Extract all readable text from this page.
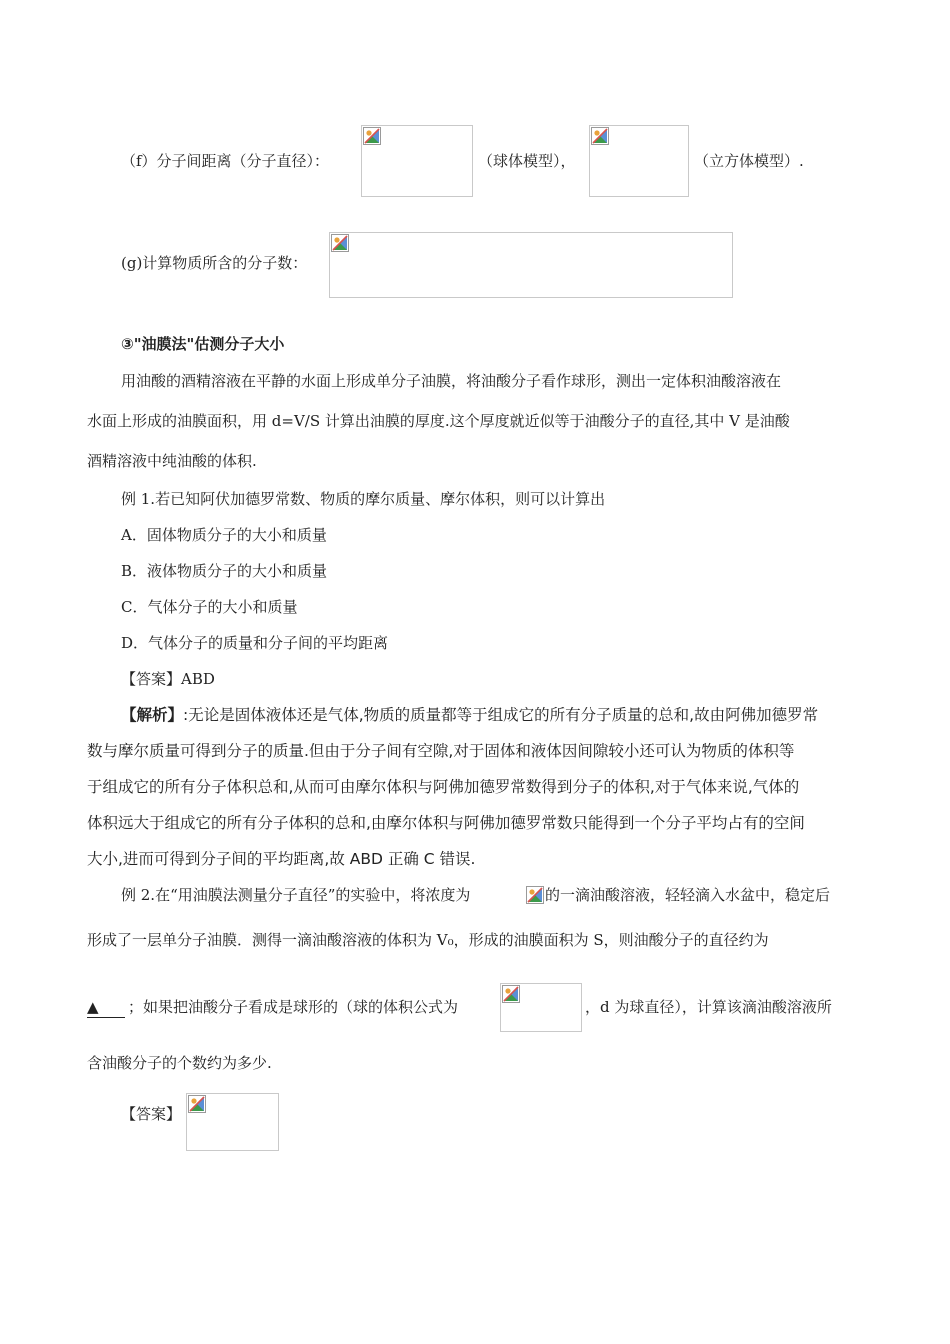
（f）分子间距离（分子直径）：	（球体模型），	（立方体模型）.
(g)计算物质所含的分子数：
③"油膜法"估测分子大小
用油酸的酒精溶液在平静的水面上形成单分子油膜，将油酸分子看作球形，测出一定体积油酸溶液在
水面上形成的油膜面积，用 d=V/S 计算出油膜的厚度.这个厚度就近似等于油酸分子的直径,其中 V 是油酸
酒精溶液中纯油酸的体积.
例 1.若已知阿伏加德罗常数、物质的摩尔质量、摩尔体积，则可以计算出
A．固体物质分子的大小和质量
B．液体物质分子的大小和质量
C．气体分子的大小和质量
D．气体分子的质量和分子间的平均距离
【答案】ABD
【解析】:无论是固体液体还是气体,物质的质量都等于组成它的所有分子质量的总和,故由阿佛加德罗常
数与摩尔质量可得到分子的质量.但由于分子间有空隙,对于固体和液体因间隙较小还可认为物质的体积等
于组成它的所有分子体积总和,从而可由摩尔体积与阿佛加德罗常数得到分子的体积,对于气体来说,气体的
体积远大于组成它的所有分子体积的总和,由摩尔体积与阿佛加德罗常数只能得到一个分子平均占有的空间
大小,进而可得到分子间的平均距离,故 ABD 正确 C 错误.
例 2.在“用油膜法测量分子直径”的实验中，将浓度为	的一滴油酸溶液，轻轻滴入水盆中，稳定后
形成了一层单分子油膜．测得一滴油酸溶液的体积为 V₀，形成的油膜面积为 S，则油酸分子的直径约为
▲	；如果把油酸分子看成是球形的（球的体积公式为	，d 为球直径），计算该滴油酸溶液所
含油酸分子的个数约为多少.
【答案】
